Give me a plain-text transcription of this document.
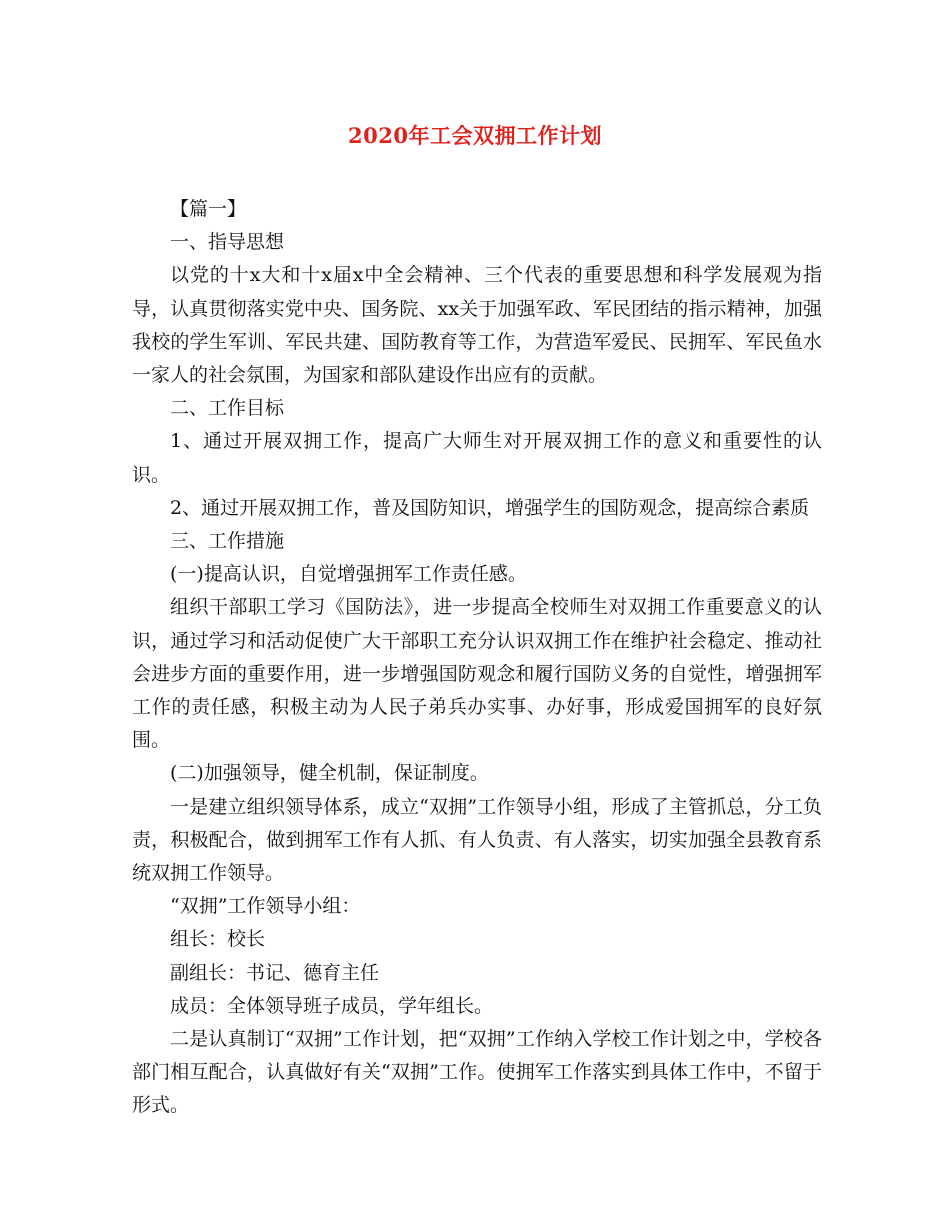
2020年工会双拥工作计划

【篇一】

一、指导思想

以党的十x大和十x届x中全会精神、三个代表的重要思想和科学发展观为指导，认真贯彻落实党中央、国务院、xx关于加强军政、军民团结的指示精神，加强我校的学生军训、军民共建、国防教育等工作，为营造军爱民、民拥军、军民鱼水一家人的社会氛围，为国家和部队建设作出应有的贡献。

二、工作目标

1、通过开展双拥工作，提高广大师生对开展双拥工作的意义和重要性的认识。

2、通过开展双拥工作，普及国防知识，增强学生的国防观念，提高综合素质

三、工作措施

(一)提高认识，自觉增强拥军工作责任感。

组织干部职工学习《国防法》，进一步提高全校师生对双拥工作重要意义的认识，通过学习和活动促使广大干部职工充分认识双拥工作在维护社会稳定、推动社会进步方面的重要作用，进一步增强国防观念和履行国防义务的自觉性，增强拥军工作的责任感，积极主动为人民子弟兵办实事、办好事，形成爱国拥军的良好氛围。

(二)加强领导，健全机制，保证制度。

一是建立组织领导体系，成立“双拥”工作领导小组，形成了主管抓总，分工负责，积极配合，做到拥军工作有人抓、有人负责、有人落实，切实加强全县教育系统双拥工作领导。

“双拥”工作领导小组：

组长：校长

副组长：书记、德育主任

成员：全体领导班子成员，学年组长。

二是认真制订“双拥”工作计划，把“双拥”工作纳入学校工作计划之中，学校各部门相互配合，认真做好有关“双拥”工作。使拥军工作落实到具体工作中，不留于形式。
